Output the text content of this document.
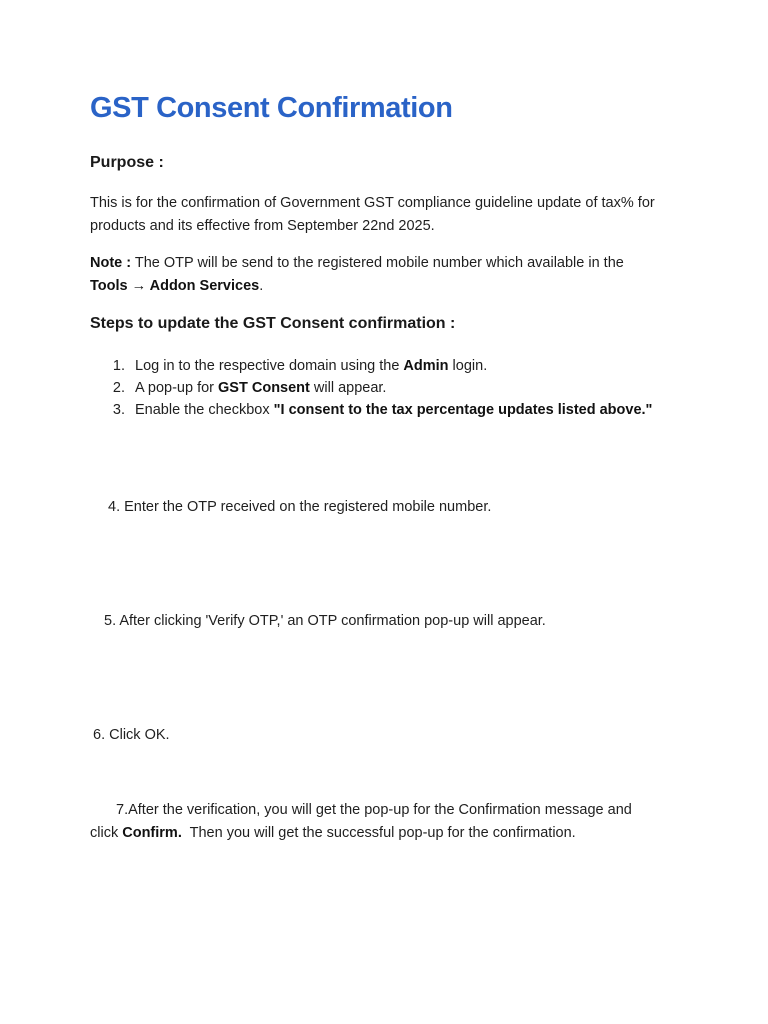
GST Consent Confirmation
Purpose :
This is for the confirmation of Government GST compliance guideline update of tax% for
products and its effective from September 22nd 2025.
Note : The OTP will be send to the registered mobile number which available in the
Tools → Addon Services.
Steps to update the GST Consent confirmation :
1. Log in to the respective domain using the Admin login.
2. A pop-up for GST Consent will appear.
3. Enable the checkbox "I consent to the tax percentage updates listed above."
4. Enter the OTP received on the registered mobile number.
5. After clicking 'Verify OTP,' an OTP confirmation pop-up will appear.
6. Click OK.
7.After the verification, you will get the pop-up for the Confirmation message and
click Confirm.  Then you will get the successful pop-up for the confirmation.
